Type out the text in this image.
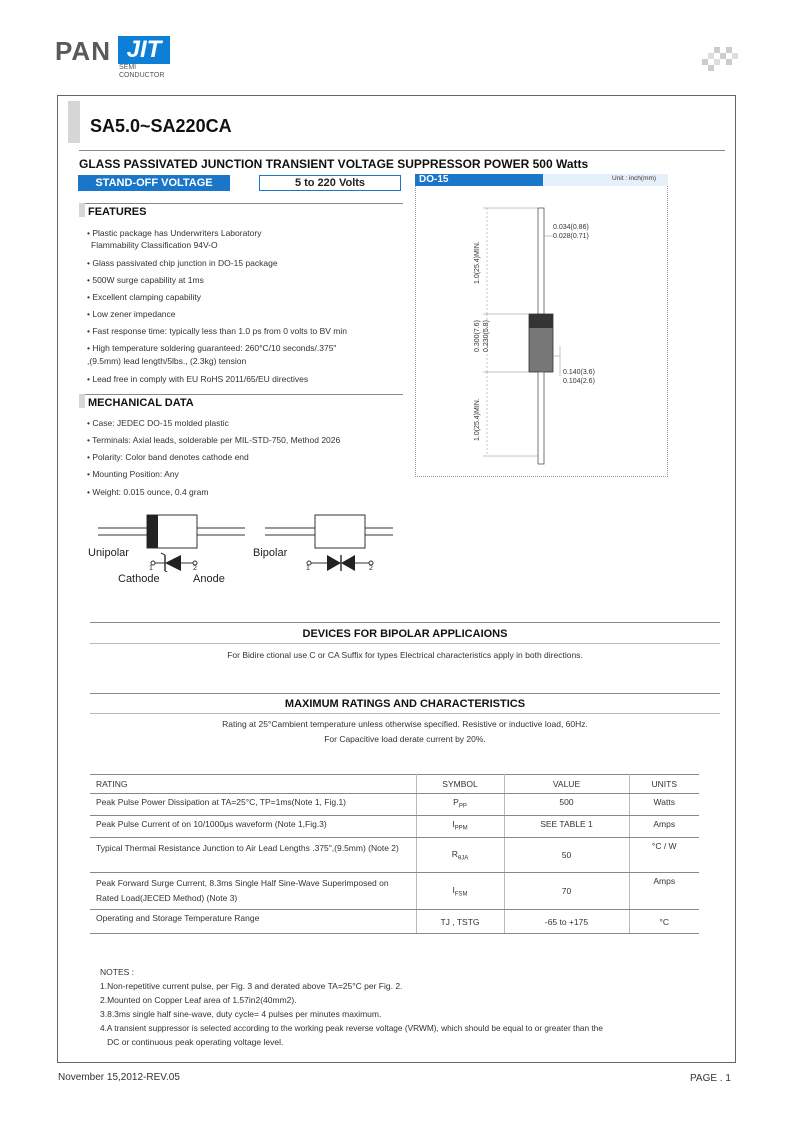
PAN JIT
SEMI
CONDUCTOR
SA5.0~SA220CA
GLASS PASSIVATED JUNCTION TRANSIENT VOLTAGE SUPPRESSOR POWER 500 Watts
STAND-OFF VOLTAGE	5 to 220 Volts
FEATURES
• Plastic package has Underwriters Laboratory
Flammability Classification 94V-O
• Glass passivated chip junction in DO-15 package
• 500W surge capability at 1ms
• Excellent clamping capability
• Low zener impedance
• Fast response time: typically less than 1.0 ps from 0 volts to BV min
• High temperature soldering guaranteed: 260°C/10 seconds/.375"
,(9.5mm) lead length/5lbs., (2.3kg) tension
• Lead free in comply with EU RoHS 2011/65/EU directives
MECHANICAL DATA
• Case: JEDEC DO-15 molded plastic
• Terminals: Axial leads, solderable per MIL-STD-750, Method 2026
• Polarity: Color band denotes cathode end
• Mounting Position: Any
• Weight: 0.015 ounce, 0.4 gram
DO-15	Unit : inch(mm)
0.034(0.86)
0.028(0.71)
0.140(3.6)
0.104(2.6)
1.0(25.4)MIN.
0.300(7.6) 0.230(5.8)
1.0(25.4)MIN.
Unipolar	Bipolar
1	2	1	2
Cathode	Anode
DEVICES FOR BIPOLAR APPLICAIONS
For Bidire ctional use C or CA Suffix for types Electrical characteristics apply in both directions.
MAXIMUM RATINGS AND CHARACTERISTICS
Rating at 25°Cambient temperature unless otherwise specified. Resistive or inductive load, 60Hz.
For Capacitive load derate current by 20%.
RATING	SYMBOL	VALUE	UNITS
Peak Pulse Power Dissipation at TA=25°C, TP=1ms(Note 1, Fig.1)	$P_{PP}$	500	Watts
Peak Pulse Current of on 10/1000μs waveform (Note 1,Fig.3)	$I_{PPM}$	SEE TABLE 1	Amps
Typical Thermal Resistance Junction to Air Lead Lengths .375",(9.5mm) (Note 2)	$R_{\theta JA}$	50	°C / W
Peak Forward Surge Current, 8.3ms Single Half Sine-Wave Superimposed on Rated Load(JECED Method) (Note 3)	$I_{FSM}$	70	Amps
Operating and Storage Temperature Range	TJ , TSTG	-65 to +175	°C
NOTES :
1.Non-repetitive current pulse, per Fig. 3 and derated above TA=25°C per Fig. 2.
2.Mounted on Copper Leaf area of 1.57in2(40mm2).
3.8.3ms single half sine-wave, duty cycle= 4 pulses per minutes maximum.
4.A transient suppressor is selected according to the working peak reverse voltage (VRWM), which should be equal to or greater than the
DC or continuous peak operating voltage level.
November 15,2012-REV.05	PAGE . 1
